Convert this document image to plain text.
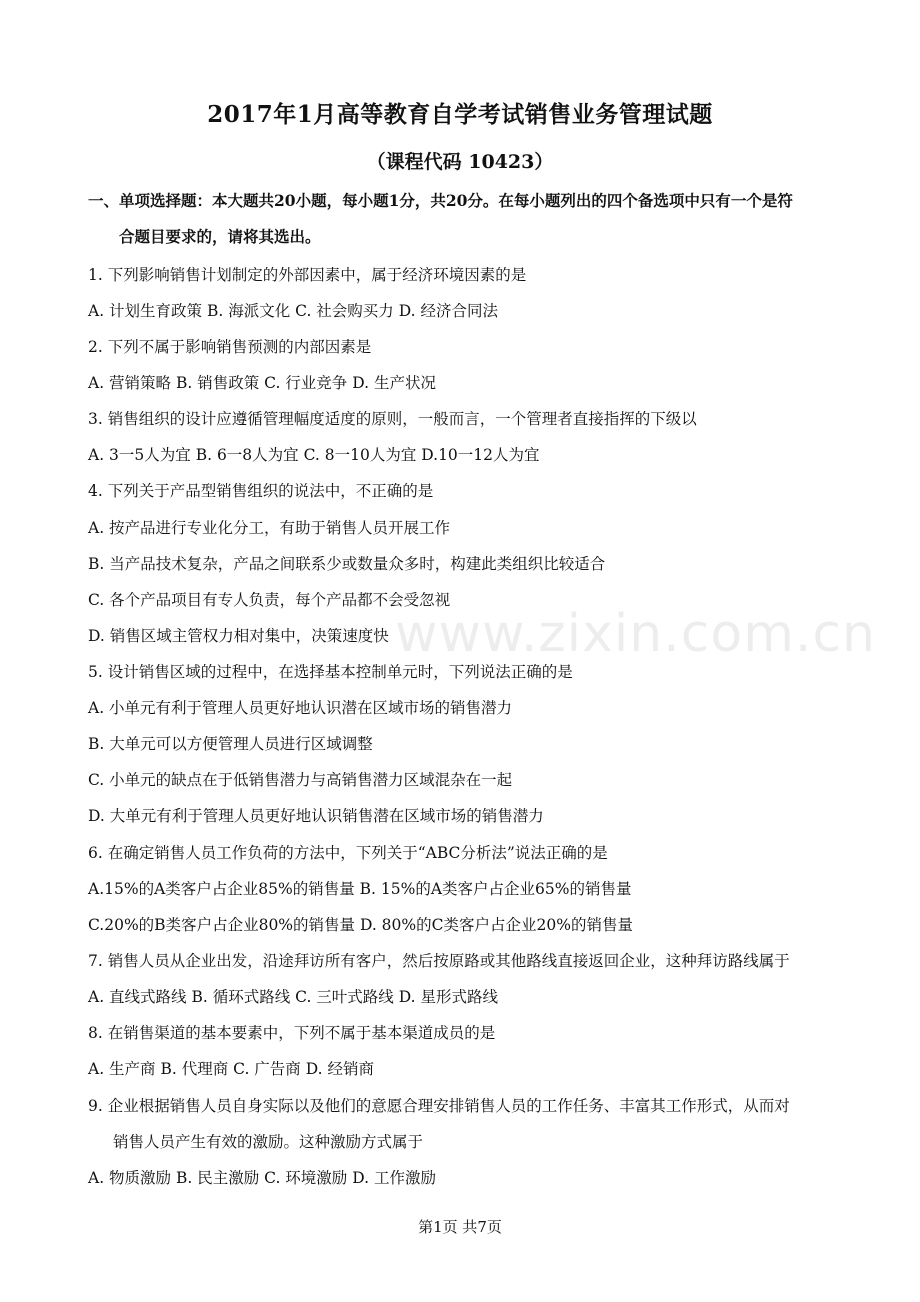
www.zixin.com.cn
2017年1月高等教育自学考试销售业务管理试题
（课程代码 10423）
一、单项选择题：本大题共20小题，每小题1分，共20分。在每小题列出的四个备选项中只有一个是符
合题目要求的，请将其选出。
1. 下列影响销售计划制定的外部因素中，属于经济环境因素的是
A. 计划生育政策 B. 海派文化 C. 社会购买力 D. 经济合同法
2. 下列不属于影响销售预测的内部因素是
A. 营销策略 B. 销售政策 C. 行业竞争 D. 生产状况
3. 销售组织的设计应遵循管理幅度适度的原则，一般而言，一个管理者直接指挥的下级以
A. 3一5人为宜 B. 6一8人为宜 C. 8一10人为宜 D.10一12人为宜
4. 下列关于产品型销售组织的说法中，不正确的是
A. 按产品进行专业化分工，有助于销售人员开展工作
B. 当产品技术复杂，产品之间联系少或数量众多时，构建此类组织比较适合
C. 各个产品项目有专人负责，每个产品都不会受忽视
D. 销售区域主管权力相对集中，决策速度快
5. 设计销售区域的过程中，在选择基本控制单元时，下列说法正确的是
A. 小单元有利于管理人员更好地认识潜在区域市场的销售潜力
B. 大单元可以方便管理人员进行区域调整
C. 小单元的缺点在于低销售潜力与高销售潜力区域混杂在一起
D. 大单元有利于管理人员更好地认识销售潜在区域市场的销售潜力
6. 在确定销售人员工作负荷的方法中，下列关于“ABC分析法”说法正确的是
A.15%的A类客户占企业85%的销售量 B. 15%的A类客户占企业65%的销售量
C.20%的B类客户占企业80%的销售量 D. 80%的C类客户占企业20%的销售量
7. 销售人员从企业出发，沿途拜访所有客户，然后按原路或其他路线直接返回企业，这种拜访路线属于
A. 直线式路线 B. 循环式路线 C. 三叶式路线 D. 星形式路线
8. 在销售渠道的基本要素中，下列不属于基本渠道成员的是
A. 生产商 B. 代理商 C. 广告商 D. 经销商
9. 企业根据销售人员自身实际以及他们的意愿合理安排销售人员的工作任务、丰富其工作形式，从而对
销售人员产生有效的激励。这种激励方式属于
A. 物质激励 B. 民主激励 C. 环境激励 D. 工作激励
第1页 共7页
